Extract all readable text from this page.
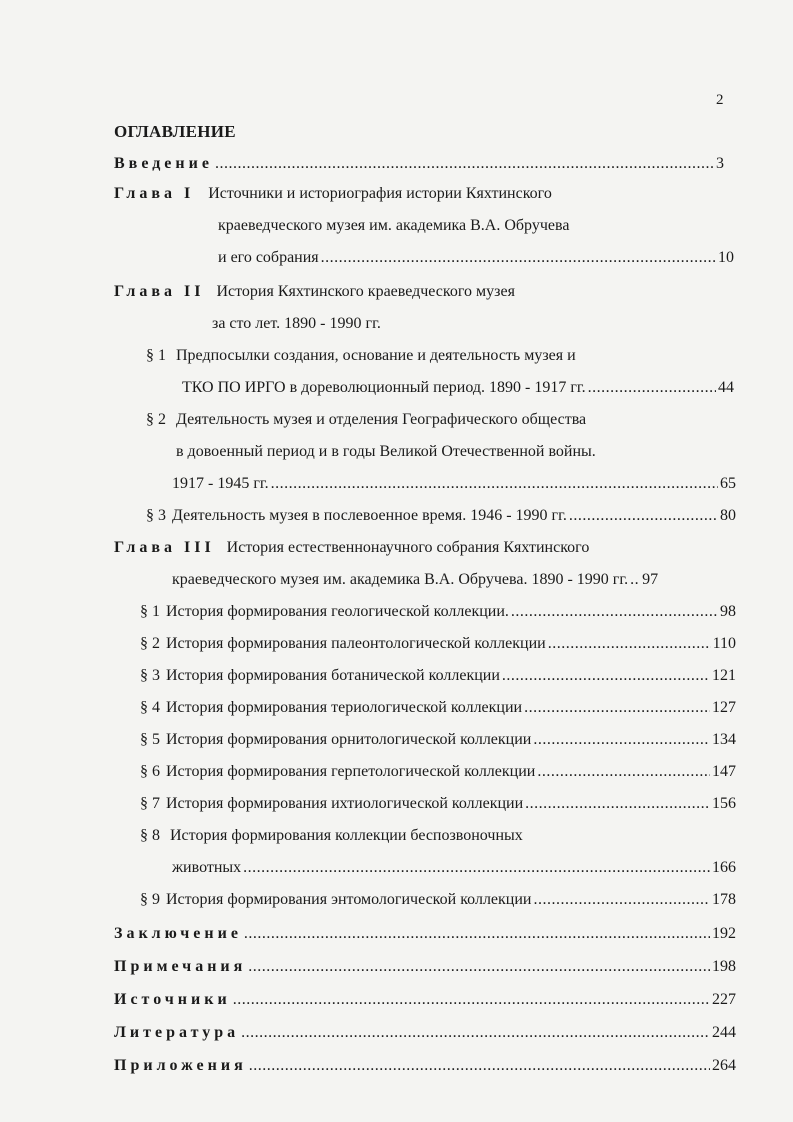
2
ОГЛАВЛЕНИЕ
Введение .....	3
Глава I Источники и историография истории Кяхтинского
краеведческого музея им. академика В.А. Обручева
и его собрания .....	10
Глава II История Кяхтинского краеведческого музея
за сто лет. 1890 - 1990 гг.
§ 1 Предпосылки создания, основание и деятельность музея и
ТКО ПО ИРГО в дореволюционный период. 1890 - 1917 гг. .....	44
§ 2 Деятельность музея и отделения Географического общества
в довоенный период и в годы Великой Отечественной войны.
1917 - 1945 гг. .....	65
§ 3 Деятельность музея в послевоенное время. 1946 - 1990 гг. .....	80
Глава III История естественнонаучного собрания Кяхтинского
краеведческого музея им. академика В.А. Обручева. 1890 - 1990 гг. ..... 97
§ 1 История формирования геологической коллекции. .....	98
§ 2 История формирования палеонтологической коллекции .....	110
§ 3 История формирования ботанической коллекции .....	121
§ 4 История формирования териологической коллекции .....	127
§ 5 История формирования орнитологической коллекции .....	134
§ 6 История формирования герпетологической коллекции .....	147
§ 7 История формирования ихтиологической коллекции .....	156
§ 8 История формирования коллекции беспозвоночных
животных .....	166
§ 9 История формирования энтомологической коллекции .....	178
Заключение .....	192
Примечания .....	198
Источники .....	227
Литература .....	244
Приложения .....	264
